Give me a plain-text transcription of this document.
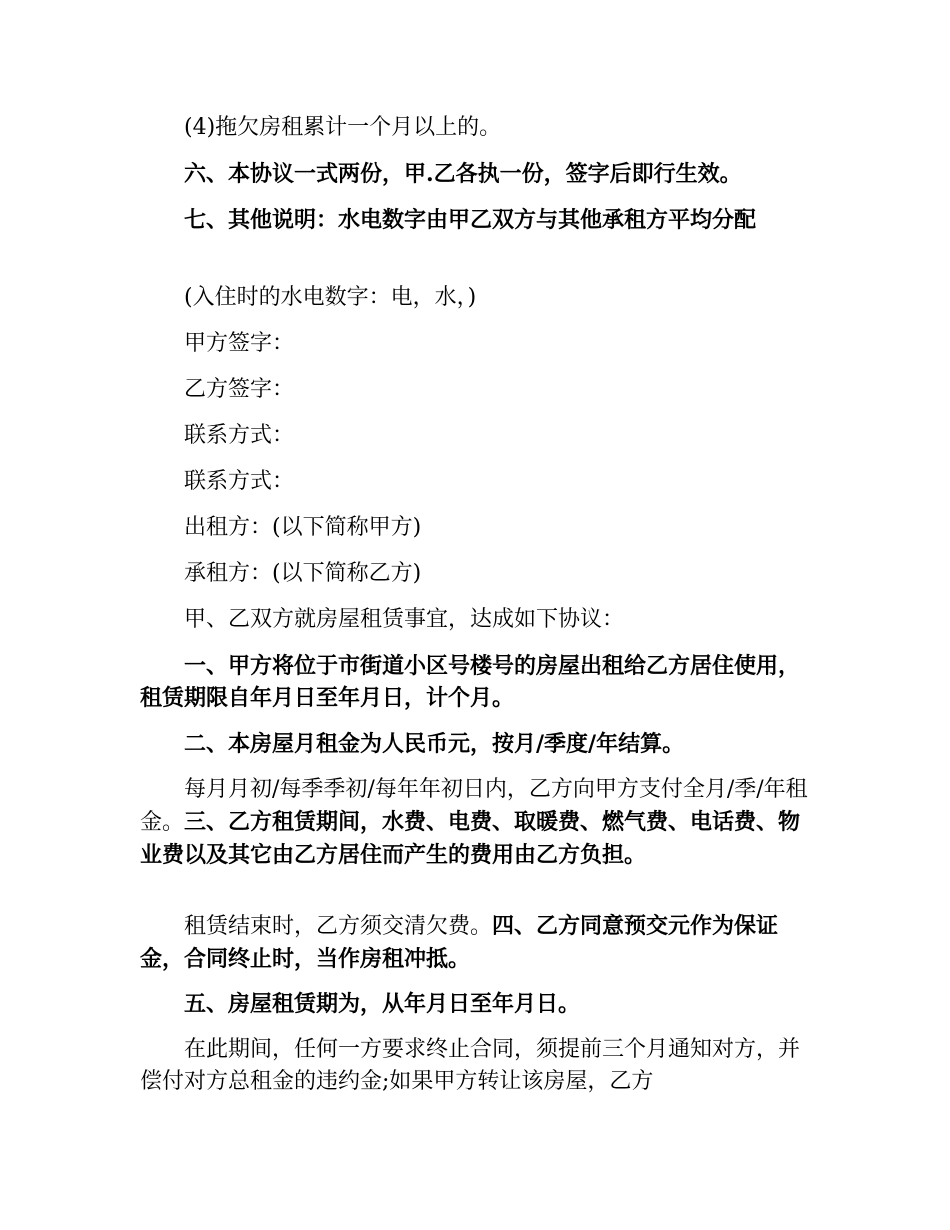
(4)拖欠房租累计一个月以上的。

六、本协议一式两份，甲.乙各执一份，签字后即行生效。

七、其他说明：水电数字由甲乙双方与其他承租方平均分配

(入住时的水电数字：电，水，)

甲方签字：

乙方签字：

联系方式：

联系方式：

出租方：(以下简称甲方)

承租方：(以下简称乙方)

甲、乙双方就房屋租赁事宜，达成如下协议：

一、甲方将位于市街道小区号楼号的房屋出租给乙方居住使用，租赁期限自年月日至年月日，计个月。

二、本房屋月租金为人民币元，按月/季度/年结算。

每月月初/每季季初/每年年初日内，乙方向甲方支付全月/季/年租金。三、乙方租赁期间，水费、电费、取暖费、燃气费、电话费、物业费以及其它由乙方居住而产生的费用由乙方负担。

租赁结束时，乙方须交清欠费。四、乙方同意预交元作为保证金，合同终止时，当作房租冲抵。

五、房屋租赁期为，从年月日至年月日。

在此期间，任何一方要求终止合同，须提前三个月通知对方，并偿付对方总租金的违约金;如果甲方转让该房屋，乙方
